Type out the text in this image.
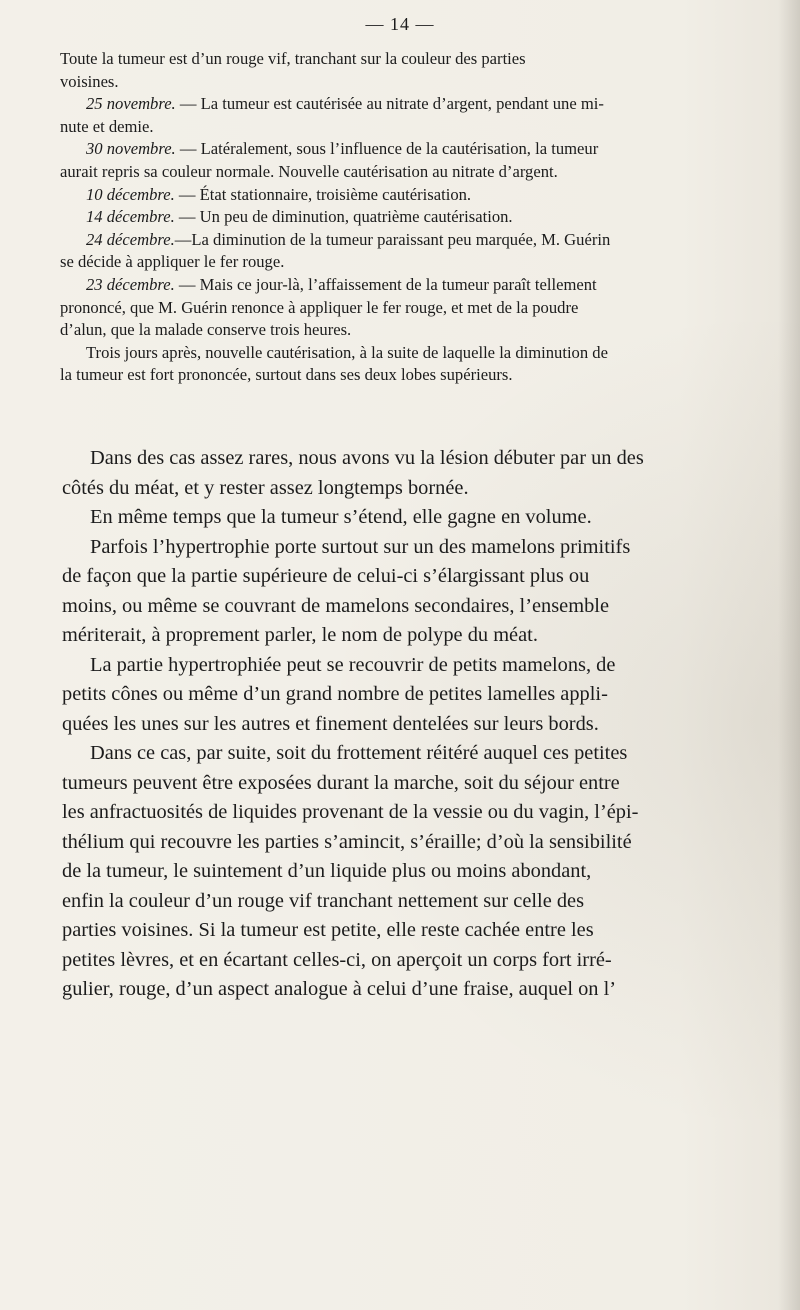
— 14 —

Toute la tumeur est d’un rouge vif, tranchant sur la couleur des parties
voisines.

25 novembre. — La tumeur est cautérisée au nitrate d’argent, pendant une mi-
nute et demie.

30 novembre. — Latéralement, sous l’influence de la cautérisation, la tumeur
aurait repris sa couleur normale. Nouvelle cautérisation au nitrate d’argent.

10 décembre. — État stationnaire, troisième cautérisation.

14 décembre. — Un peu de diminution, quatrième cautérisation.

24 décembre.—La diminution de la tumeur paraissant peu marquée, M. Guérin
se décide à appliquer le fer rouge.

23 décembre. — Mais ce jour-là, l’affaissement de la tumeur paraît tellement
prononcé, que M. Guérin renonce à appliquer le fer rouge, et met de la poudre
d’alun, que la malade conserve trois heures.

Trois jours après, nouvelle cautérisation, à la suite de laquelle la diminution de
la tumeur est fort prononcée, surtout dans ses deux lobes supérieurs.

Dans des cas assez rares, nous avons vu la lésion débuter par un des
côtés du méat, et y rester assez longtemps bornée.

En même temps que la tumeur s’étend, elle gagne en volume.

Parfois l’hypertrophie porte surtout sur un des mamelons primitifs
de façon que la partie supérieure de celui-ci s’élargissant plus ou
moins, ou même se couvrant de mamelons secondaires, l’ensemble
mériterait, à proprement parler, le nom de polype du méat.

La partie hypertrophiée peut se recouvrir de petits mamelons, de
petits cônes ou même d’un grand nombre de petites lamelles appli-
quées les unes sur les autres et finement dentelées sur leurs bords.

Dans ce cas, par suite, soit du frottement réitéré auquel ces petites
tumeurs peuvent être exposées durant la marche, soit du séjour entre
les anfractuosités de liquides provenant de la vessie ou du vagin, l’épi-
thélium qui recouvre les parties s’amincit, s’éraille; d’où la sensibilité
de la tumeur, le suintement d’un liquide plus ou moins abondant,
enfin la couleur d’un rouge vif tranchant nettement sur celle des
parties voisines. Si la tumeur est petite, elle reste cachée entre les
petites lèvres, et en écartant celles-ci, on aperçoit un corps fort irré-
gulier, rouge, d’un aspect analogue à celui d’une fraise, auquel on l’
